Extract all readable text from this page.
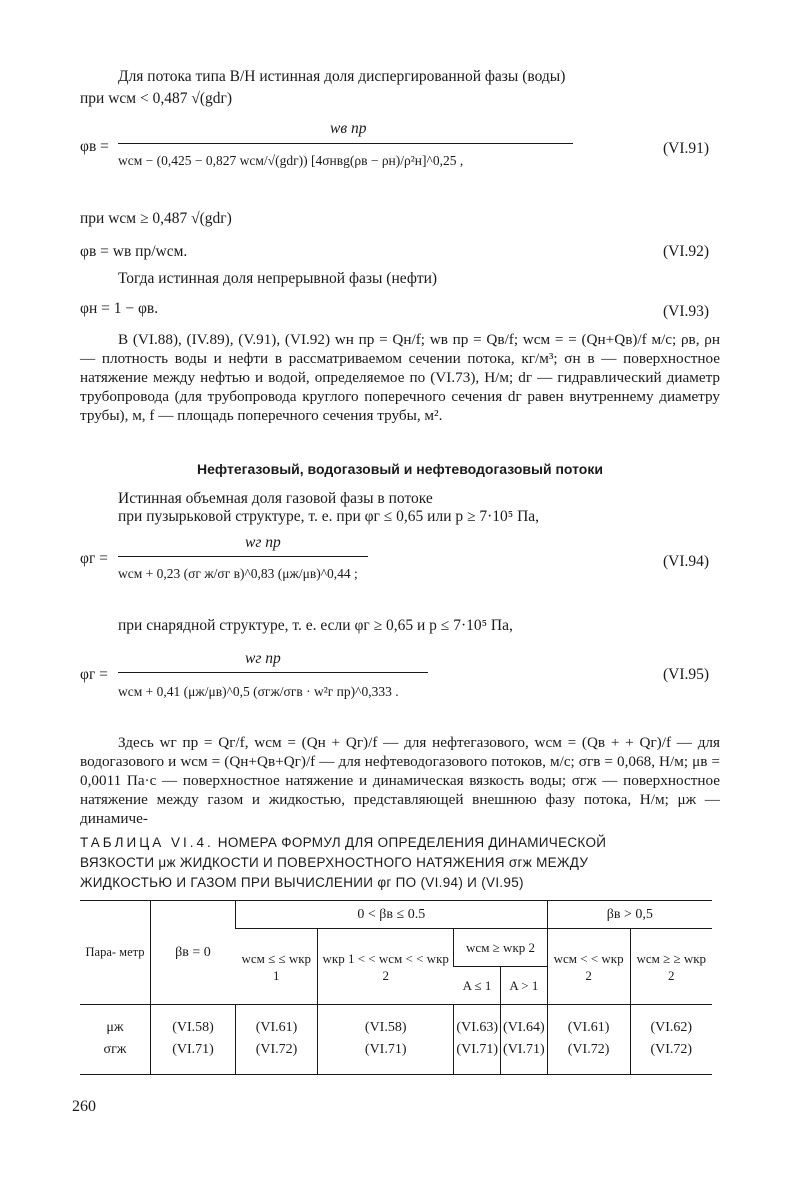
Для потока типа В/Н истинная доля диспергированной фазы (воды)
при wсм < 0,487 √(gdг)
φв =
wв пр
wсм − (0,425 − 0,827 wсм/√(gdг)) [4σнвg(ρв − ρн)/ρ²н]^0,25 ,
(VI.91)
при wсм ≥ 0,487 √(gdг)
φв = wв пр/wсм.	(VI.92)
Тогда истинная доля непрерывной фазы (нефти)
φн = 1 − φв.	(VI.93)
В (VI.88), (IV.89), (V.91), (VI.92) wн пр = Qн/f; wв пр = Qв/f; wсм = = (Qн+Qв)/f м/с; ρв, ρн — плотность воды и нефти в рассматриваемом сечении потока, кг/м³; σн в — поверхностное натяжение между нефтью и водой, определяемое по (VI.73), Н/м; dг — гидравлический диаметр трубопровода (для трубопровода круглого поперечного сечения dг равен внутреннему диаметру трубы), м, f — площадь поперечного сечения трубы, м².
Нефтегазовый, водогазовый и нефтеводогазовый потоки
Истинная объемная доля газовой фазы в потоке
при пузырьковой структуре, т. е. при φг ≤ 0,65 или p ≥ 7·10⁵ Па,
φг =
wг пр
wсм + 0,23 (σг ж/σг в)^0,83 (μж/μв)^0,44 ;
(VI.94)
при снарядной структуре, т. е. если φг ≥ 0,65 и p ≤ 7·10⁵ Па,
φг =
wг пр
wсм + 0,41 (μж/μв)^0,5 (σгж/σгв · w²г пр)^0,333 .
(VI.95)
Здесь wг пр = Qг/f, wсм = (Qн + Qг)/f — для нефтегазового, wсм = (Qв + + Qг)/f — для водогазового и wсм = (Qн+Qв+Qг)/f — для нефтеводогазового потоков, м/с; σгв = 0,068, Н/м; μв = 0,0011 Па·с — поверхностное натяжение и динамическая вязкость воды; σгж — поверхностное натяжение между газом и жидкостью, представляющей внешнюю фазу потока, Н/м; μж — динамиче-
ТАБЛИЦА VI.4. НОМЕРА ФОРМУЛ ДЛЯ ОПРЕДЕЛЕНИЯ ДИНАМИЧЕСКОЙ
ВЯЗКОСТИ μж ЖИДКОСТИ И ПОВЕРХНОСТНОГО НАТЯЖЕНИЯ σгж МЕЖДУ
ЖИДКОСТЬЮ И ГАЗОМ ПРИ ВЫЧИСЛЕНИИ φг ПО (VI.94) И (VI.95)
Пара- метр	βв = 0	0 < βв ≤ 0.5				βв > 0,5	
		wсм ≤ ≤ wкр 1	wкр 1 < < wсм < < wкр 2	wсм ≥ wкр 2		wсм < < wкр 2	wсм ≥ ≥ wкр 2
				A ≤ 1	A > 1		

μж	(VI.58)	(VI.61)	(VI.58)	(VI.63)	(VI.64)	(VI.61)	(VI.62)
σгж	(VI.71)	(VI.72)	(VI.71)	(VI.71)	(VI.71)	(VI.72)	(VI.72)

260
